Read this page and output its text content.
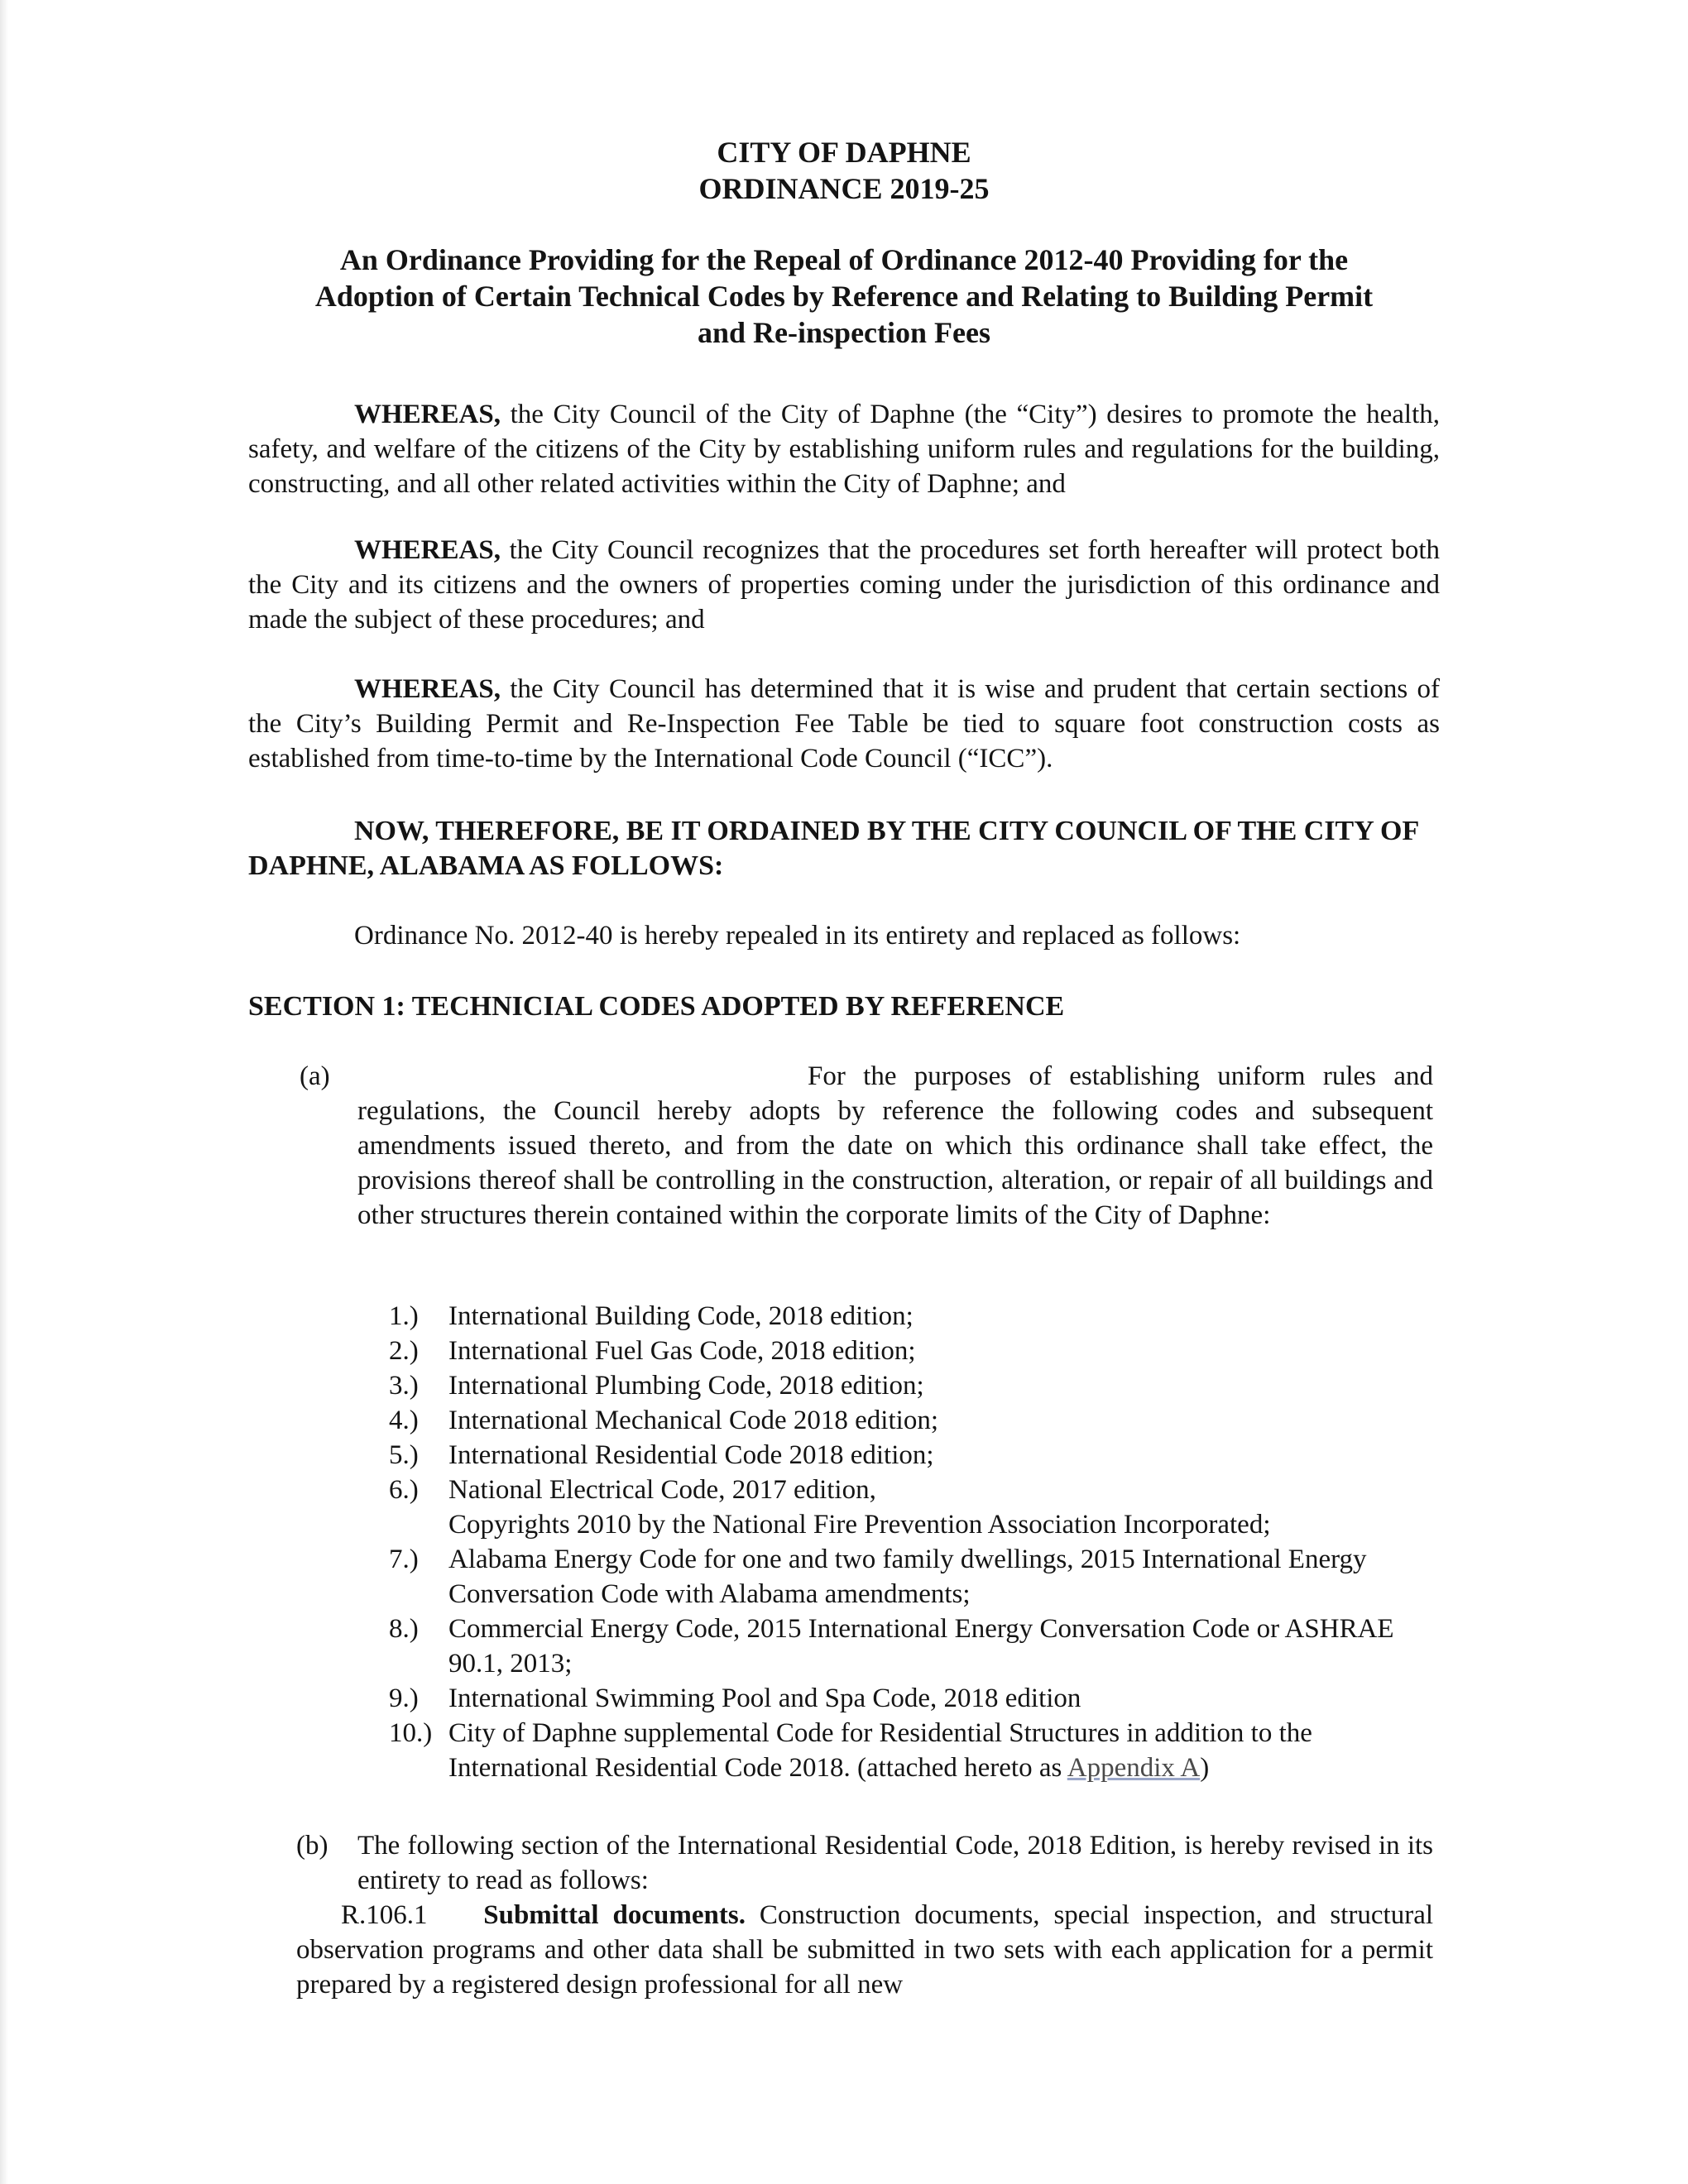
CITY OF DAPHNE
ORDINANCE 2019-25
An Ordinance Providing for the Repeal of Ordinance 2012-40 Providing for the
Adoption of Certain Technical Codes by Reference and Relating to Building Permit
and Re-inspection Fees
WHEREAS, the City Council of the City of Daphne (the “City”) desires to promote the health, safety, and welfare of the citizens of the City by establishing uniform rules and regulations for the building, constructing, and all other related activities within the City of Daphne; and
WHEREAS, the City Council recognizes that the procedures set forth hereafter will protect both the City and its citizens and the owners of properties coming under the jurisdiction of this ordinance and made the subject of these procedures; and
WHEREAS, the City Council has determined that it is wise and prudent that certain sections of the City’s Building Permit and Re-Inspection Fee Table be tied to square foot construction costs as established from time-to-time by the International Code Council (“ICC”).
NOW, THEREFORE, BE IT ORDAINED BY THE CITY COUNCIL OF THE CITY OF DAPHNE, ALABAMA AS FOLLOWS:
Ordinance No. 2012-40 is hereby repealed in its entirety and replaced as follows:
SECTION 1: TECHNICIAL CODES ADOPTED BY REFERENCE
(a)	For the purposes of establishing uniform rules and regulations, the Council hereby adopts by reference the following codes and subsequent amendments issued thereto, and from the date on which this ordinance shall take effect, the provisions thereof shall be controlling in the construction, alteration, or repair of all buildings and other structures therein contained within the corporate limits of the City of Daphne:
1.)	International Building Code, 2018 edition;
2.)	International Fuel Gas Code, 2018 edition;
3.)	International Plumbing Code, 2018 edition;
4.)	International Mechanical Code 2018 edition;
5.)	International Residential Code 2018 edition;
6.)	National Electrical Code, 2017 edition,
Copyrights 2010 by the National Fire Prevention Association Incorporated;
7.)	Alabama Energy Code for one and two family dwellings, 2015 International Energy Conversation Code with Alabama amendments;
8.)	Commercial Energy Code, 2015 International Energy Conversation Code or ASHRAE 90.1, 2013;
9.)	International Swimming Pool and Spa Code, 2018 edition
10.) City of Daphne supplemental Code for Residential Structures in addition to the International Residential Code 2018. (attached hereto as Appendix A)
(b) The following section of the International Residential Code, 2018 Edition, is hereby revised in its entirety to read as follows:
R.106.1 Submittal documents. Construction documents, special inspection, and structural observation programs and other data shall be submitted in two sets with each application for a permit prepared by a registered design professional for all new
